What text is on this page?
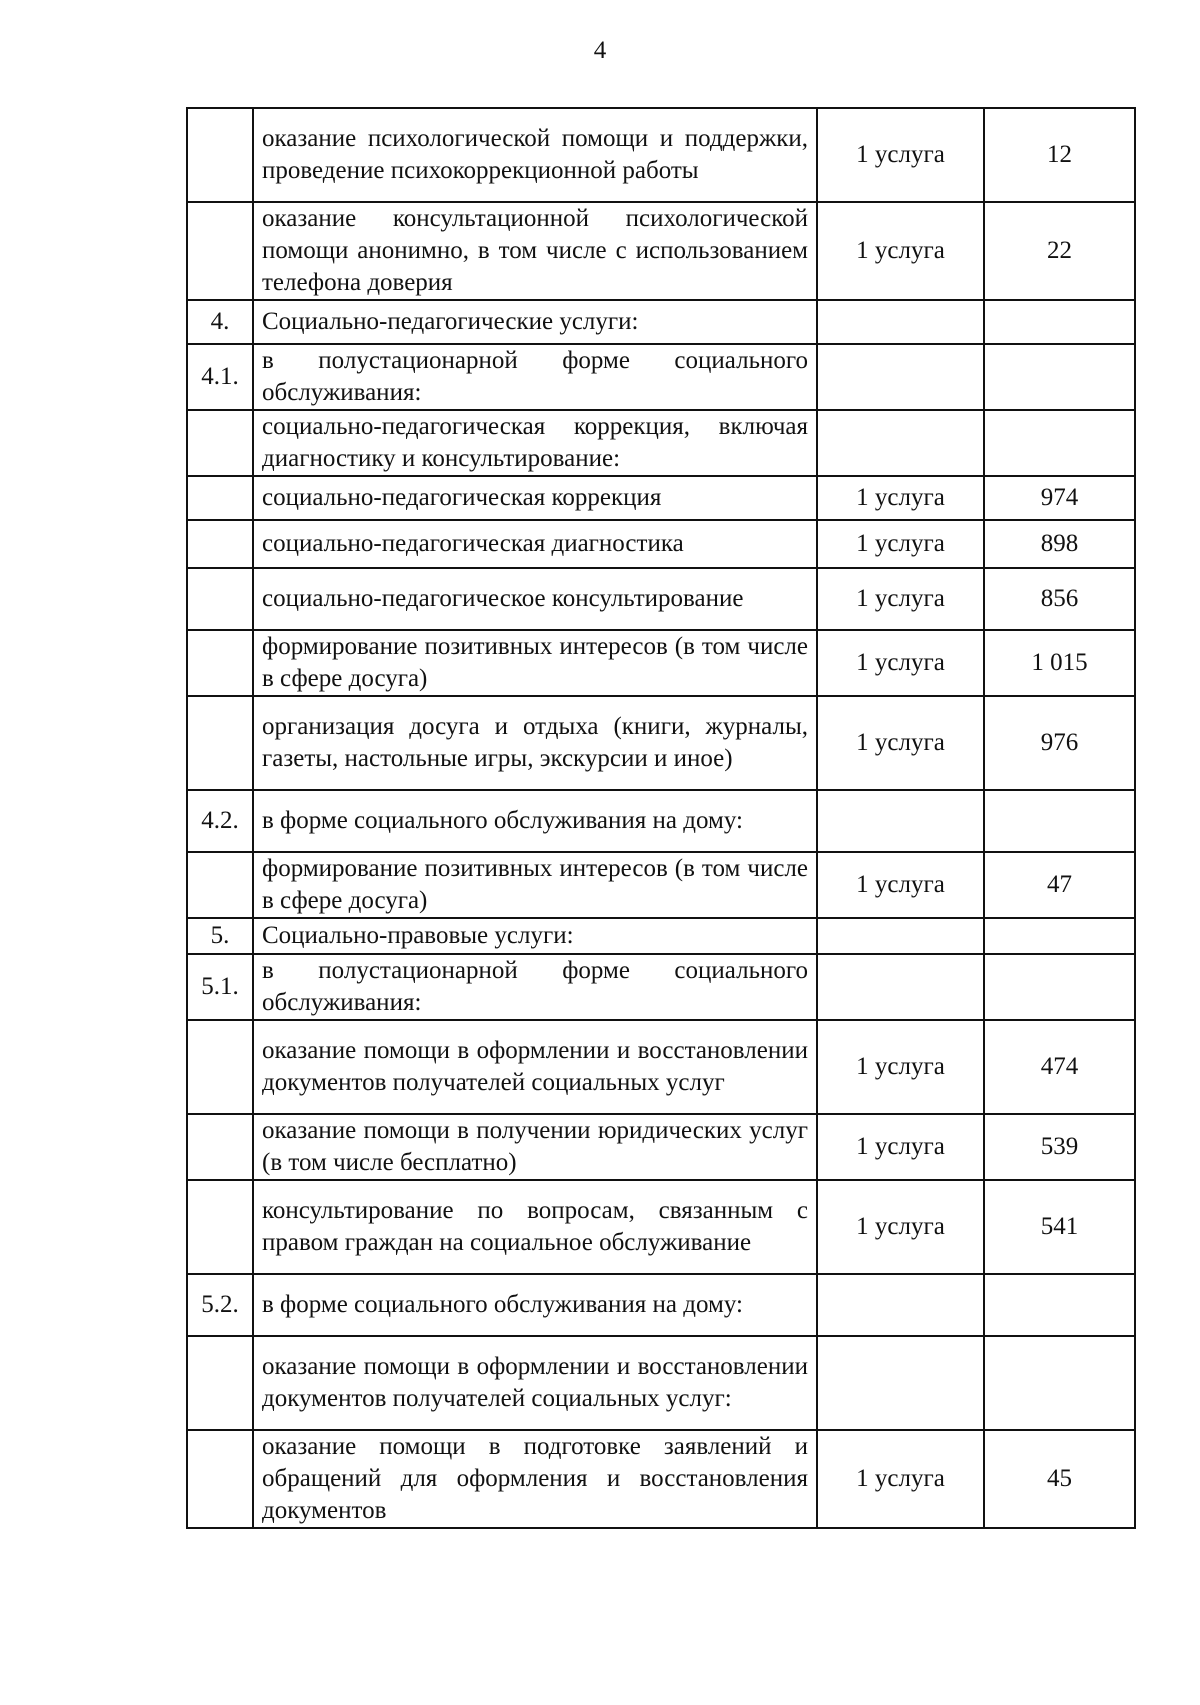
4
	оказание психологической помощи и поддержки, проведение психокоррекционной работы	1 услуга	12
	оказание консультационной психологической помощи анонимно, в том числе с использованием телефона доверия	1 услуга	22
4.	Социально-педагогические услуги:		
4.1.	в полустационарной форме социального обслуживания:		
	социально-педагогическая коррекция, включая диагностику и консультирование:		
	социально-педагогическая коррекция	1 услуга	974
	социально-педагогическая диагностика	1 услуга	898
	социально-педагогическое консультирование	1 услуга	856
	формирование позитивных интересов (в том числе в сфере досуга)	1 услуга	1 015
	организация досуга и отдыха (книги, журналы, газеты, настольные игры, экскурсии и иное)	1 услуга	976
4.2.	в форме социального обслуживания на дому:		
	формирование позитивных интересов (в том числе в сфере досуга)	1 услуга	47
5.	Социально-правовые услуги:		
5.1.	в полустационарной форме социального обслуживания:		
	оказание помощи в оформлении и восстановлении документов получателей социальных услуг	1 услуга	474
	оказание помощи в получении юридических услуг (в том числе бесплатно)	1 услуга	539
	консультирование по вопросам, связанным с правом граждан на социальное обслуживание	1 услуга	541
5.2.	в форме социального обслуживания на дому:		
	оказание помощи в оформлении и восстановлении документов получателей социальных услуг:		
	оказание помощи в подготовке заявлений и обращений для оформления и восстановления документов	1 услуга	45
